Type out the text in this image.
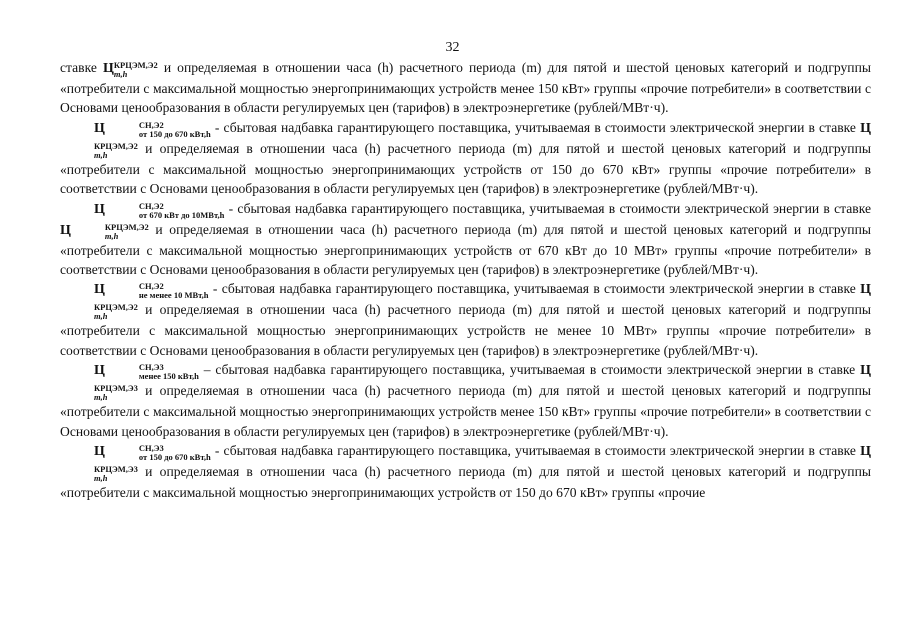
32

ставке Ц КРЦЭМ,Э2
m,h	и определяемая в отношении часа (h) расчетного периода (m) для пятой и шестой ценовых категорий и подгруппы «потребители с максимальной мощностью энергопринимающих устройств менее 150 кВт» группы «прочие потребители» в соответствии с Основами ценообразования в области регулируемых цен (тарифов) в электроэнергетике (рублей/МВт·ч).

Ц	СН,Э2
от 150 до 670 кВт,h - сбытовая надбавка гарантирующего поставщика, учитываемая в стоимости электрической энергии в ставке Ц
КРЦЭМ,Э2
m,h	и определяемая в отношении часа (h) расчетного периода (m) для пятой и шестой ценовых категорий и подгруппы «потребители с максимальной мощностью энергопринимающих устройств от 150 до 670 кВт» группы «прочие потребители» в соответствии с Основами ценообразования в области регулируемых цен (тарифов) в электроэнергетике (рублей/МВт·ч).

Ц	СН,Э2
от 670 кВт до 10МВт,h - сбытовая надбавка гарантирующего поставщика, учитываемая в стоимости электрической энергии в ставке Ц	КРЦЭМ,Э2
m,h	и определяемая в отношении часа (h) расчетного периода (m) для пятой и шестой ценовых категорий и подгруппы «потребители с максимальной мощностью энергопринимающих устройств от 670 кВт до 10 МВт» группы «прочие потребители» в соответствии с Основами ценообразования в области регулируемых цен (тарифов) в электроэнергетике (рублей/МВт·ч).

Ц	СН,Э2
не менее 10 МВт,h - сбытовая надбавка гарантирующего поставщика, учитываемая в стоимости электрической энергии в ставке Ц
КРЦЭМ,Э2
m,h	и определяемая в отношении часа (h) расчетного периода (m) для пятой и шестой ценовых категорий и подгруппы «потребители с максимальной мощностью энергопринимающих устройств не менее 10 МВт» группы «прочие потребители» в соответствии с Основами ценообразования в области регулируемых цен (тарифов) в электроэнергетике (рублей/МВт·ч).

Ц	СН,Э3
менее 150 кВт,h – сбытовая надбавка гарантирующего поставщика, учитываемая в стоимости электрической энергии в ставке Ц
КРЦЭМ,Э3
m,h	и определяемая в отношении часа (h) расчетного периода (m) для пятой и шестой ценовых категорий и подгруппы «потребители с максимальной мощностью энергопринимающих устройств менее 150 кВт» группы «прочие потребители» в соответствии с Основами ценообразования в области регулируемых цен (тарифов) в электроэнергетике (рублей/МВт·ч).

Ц	СН,Э3
от 150 до 670 кВт,h - сбытовая надбавка гарантирующего поставщика, учитываемая в стоимости электрической энергии в ставке Ц
КРЦЭМ,Э3
m,h	и определяемая в отношении часа (h) расчетного периода (m) для пятой и шестой ценовых категорий и подгруппы «потребители с максимальной мощностью энергопринимающих устройств от 150 до 670 кВт» группы «прочие
